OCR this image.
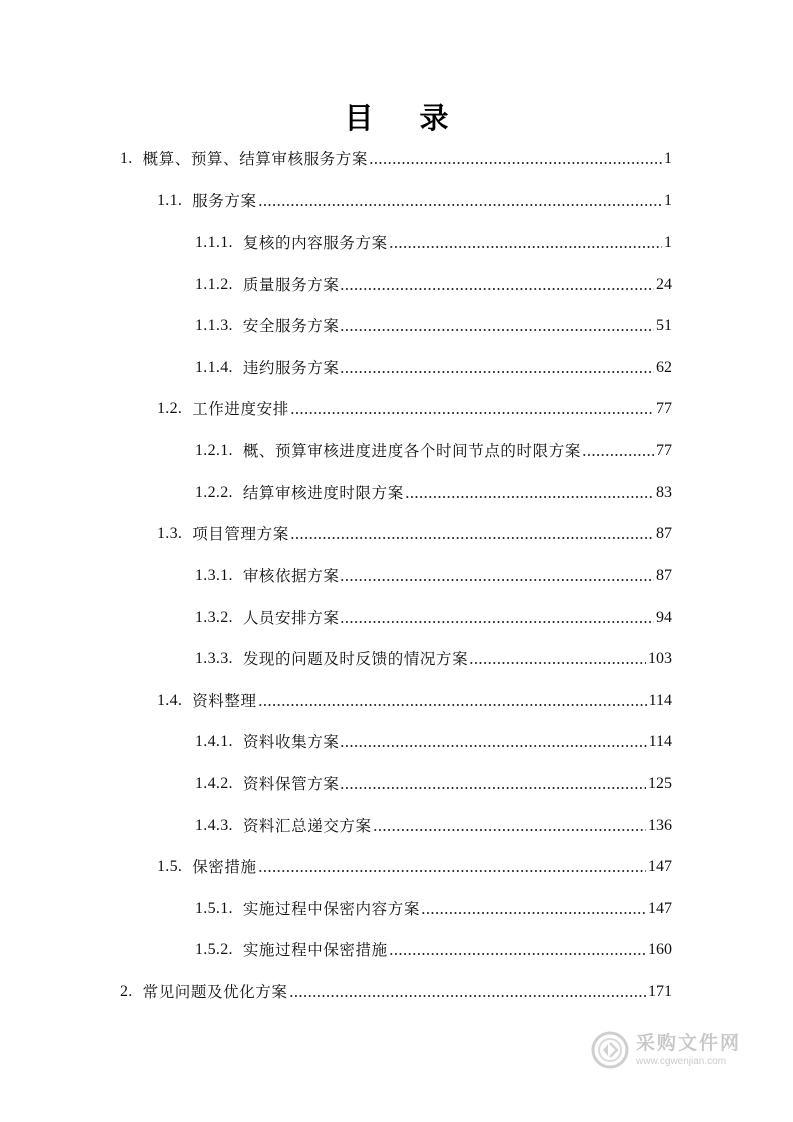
目 录
1. 概算、预算、结算审核服务方案	1
1.1. 服务方案	1
1.1.1. 复核的内容服务方案	1
1.1.2. 质量服务方案	24
1.1.3. 安全服务方案	51
1.1.4. 违约服务方案	62
1.2. 工作进度安排	77
1.2.1. 概、预算审核进度进度各个时间节点的时限方案	77
1.2.2. 结算审核进度时限方案	83
1.3. 项目管理方案	87
1.3.1. 审核依据方案	87
1.3.2. 人员安排方案	94
1.3.3. 发现的问题及时反馈的情况方案	103
1.4. 资料整理	114
1.4.1. 资料收集方案	114
1.4.2. 资料保管方案	125
1.4.3. 资料汇总递交方案	136
1.5. 保密措施	147
1.5.1. 实施过程中保密内容方案	147
1.5.2. 实施过程中保密措施	160
2. 常见问题及优化方案	171
采购文件网
www.cgwenjian.com
